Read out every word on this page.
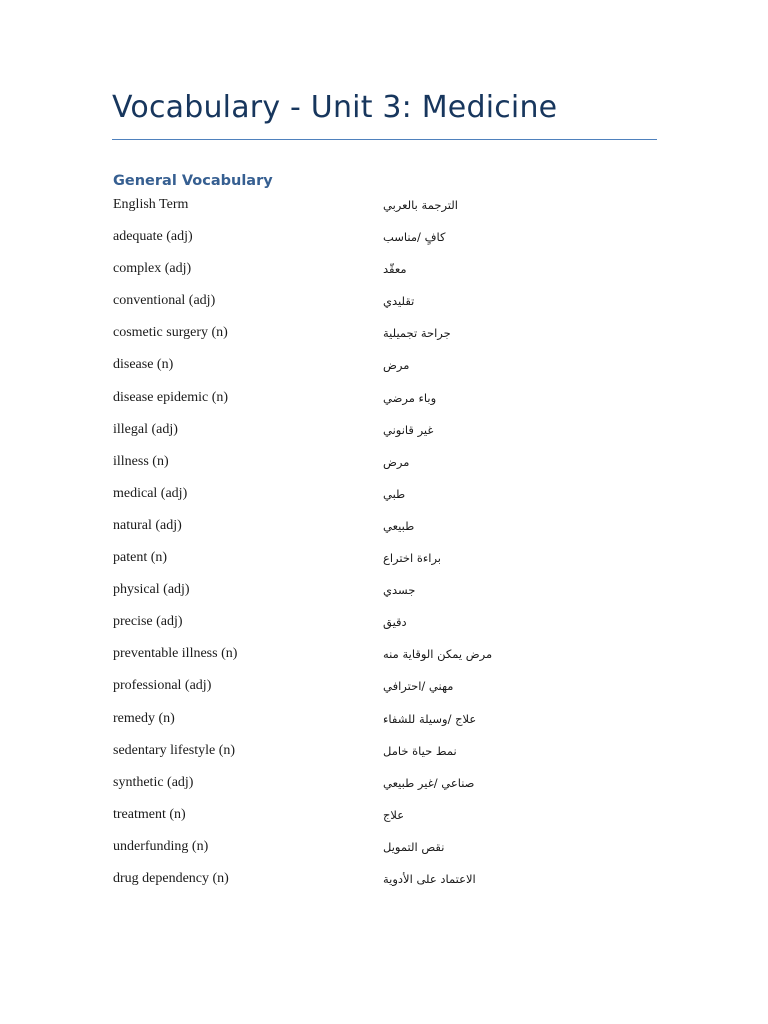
Vocabulary - Unit 3: Medicine
General Vocabulary
English Term	الترجمة بالعربي
adequate (adj)	كافٍ /مناسب
complex (adj)	معقّد
conventional (adj)	تقليدي
cosmetic surgery (n)	جراحة تجميلية
disease (n)	مرض
disease epidemic (n)	وباء مرضي
illegal (adj)	غير قانوني
illness (n)	مرض
medical (adj)	طبي
natural (adj)	طبيعي
patent (n)	براءة اختراع
physical (adj)	جسدي
precise (adj)	دقيق
preventable illness (n)	مرض يمكن الوقاية منه
professional (adj)	مهني /احترافي
remedy (n)	علاج /وسيلة للشفاء
sedentary lifestyle (n)	نمط حياة خامل
synthetic (adj)	صناعي /غير طبيعي
treatment (n)	علاج
underfunding (n)	نقص التمويل
drug dependency (n)	الاعتماد على الأدوية
